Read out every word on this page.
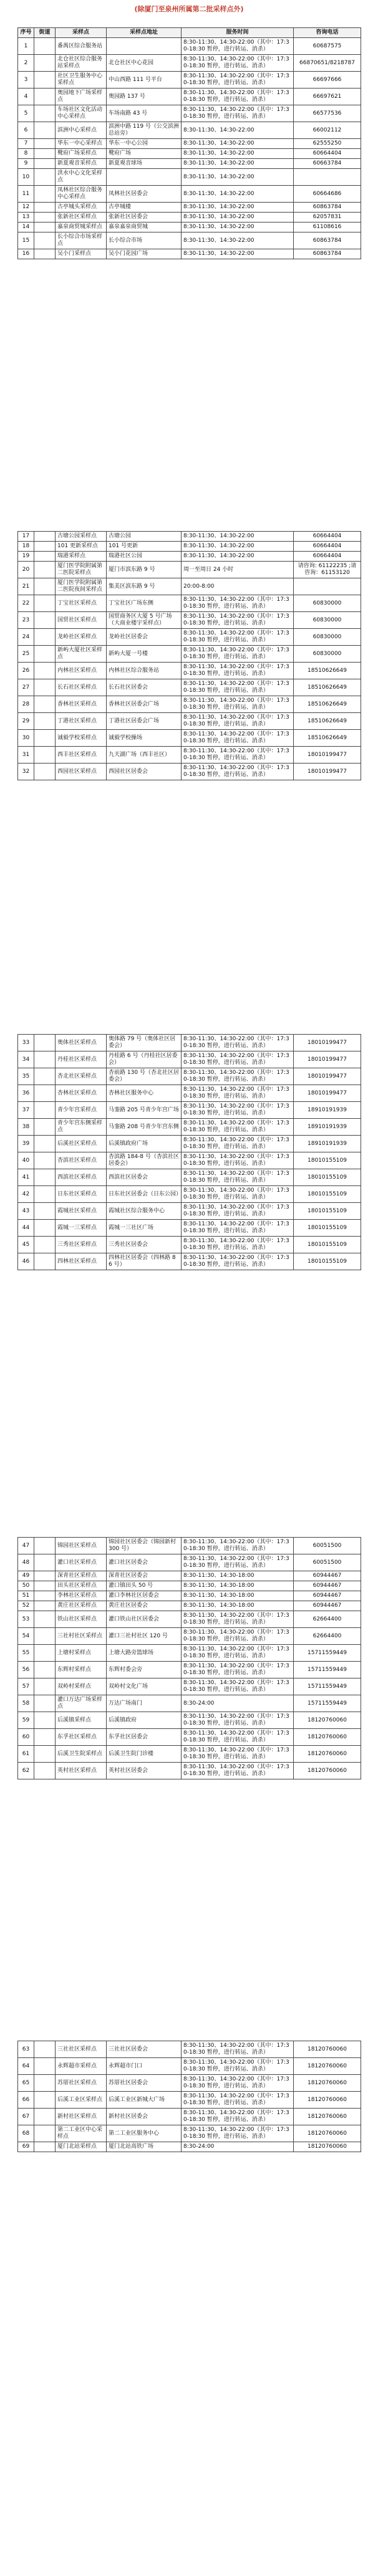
(除厦门至泉州所属第二批采样点外)
序号	街道	采样点	采样点地址	服务时间	咨询电话
1		番禺区综合服务站		8:30-11:30、14:30-22:00（其中：17:30-18:30 暂停，进行转运、消杀）	60687575
2		北仓社区综合服务站采样点	北仓社区中心花园	8:30-11:30、14:30-22:00（其中：17:30-18:30 暂停，进行转运、消杀）	66870651/8218787
3		社区卫生服务中心采样点	中山西路 111 号平台	8:30-11:30、14:30-22:00（其中：17:30-18:30 暂停，进行转运、消杀）	66697666
4		奥园地下广场采样点	奥园路 137 号	8:30-11:30、14:30-22:00（其中：17:30-18:30 暂停，进行转运、消杀）	66697621
5		车场社区文化活动中心采样点	车场南路 43 号	8:30-11:30、14:30-22:00（其中：17:30-18:30 暂停，进行转运、消杀）	66577536
6		滨洲中心采样点	滨洲中路 119 号（公交滨洲总站旁）	8:30-11:30、14:30-22:00	66002112
7		华东一中心采样点	华东一中心公园	8:30-11:30、14:30-22:00	62555250
8		鹭府广场采样点	鹭府广场	8:30-11:30、14:30-22:00	60664404
9		新夏观音采样点	新夏观音球场	8:30-11:30、14:30-22:00	60663784
10		洪水中心文化采样点		8:30-11:30、14:30-22:00	
11		凤林社区综合服务中心采样点	凤林社区居委会	8:30-11:30、14:30-22:00	60664686
12		古亭城头采样点	古亭城楼	8:30-11:30、14:30-22:00	60863784
13		张新社区采样点	张新社区居委会	8:30-11:30、14:30-22:00	62057831
14		嘉泉商贸城采样点	嘉泉嘉泉商贸城	8:30-11:30、14:30-22:00	61108616
15		长小综合市场采样点	长小综合市场	8:30-11:30、14:30-22:00	60863784
16		吴小门采样点	吴小门花园广场	8:30-11:30、14:30-22:00	60863784
17		古塘公园采样点	古塘公园	8:30-11:30、14:30-22:00	60664404
18		101 更新采样点	101 号更新	8:30-11:30、14:30-22:00	60664404
19		瑞港采样点	瑞港社区公园	8:30-11:30、14:30-22:00	60664404
20		厦门医学院附属第二医院采样点	厦门市滨东路 9 号	周一至周日 24 小时	请咨询: 61122235 ;请咨询：61153120
21		厦门医学院附属第二医院夜间采样点	集美区滨东路 9 号	20:00-8:00	
22		丁宝社区采样点	丁宝社区广场东侧	8:30-11:30、14:30-22:00（其中：17:30-18:30 暂停，进行转运、消杀）	60830000
23		国贸社区采样点	国贸商务区大厦 5 号广场（大商业楼宇采样点）	8:30-11:30、14:30-22:00（其中：17:30-18:30 暂停，进行转运、消杀）	60830000
24		龙岭社区采样点	龙岭社区居委会	8:30-11:30、14:30-22:00（其中：17:30-18:30 暂停，进行转运、消杀）	60830000
25		新屿大厦社区采样点	新屿大厦一号楼	8:30-11:30、14:30-22:00（其中：17:30-18:30 暂停，进行转运、消杀）	60830000
26		内林社区采样点	内林社区综合服务站	8:30-11:30、14:30-22:00（其中：17:30-18:30 暂停，进行转运、消杀）	18510626649
27		长石社区采样点	长石社区居委会	8:30-11:30、14:30-22:00（其中：17:30-18:30 暂停，进行转运、消杀）	18510626649
28		香林社区采样点	香林社区居委会广场	8:30-11:30、14:30-22:00（其中：17:30-18:30 暂停，进行转运、消杀）	18510626649
29		丁港社区采样点	丁港社区居委会广场	8:30-11:30、14:30-22:00（其中：17:30-18:30 暂停，进行转运、消杀）	18510626649
30		诚毅学校采样点	诚毅学校操场	8:30-11:30、14:30-22:00（其中：17:30-18:30 暂停，进行转运、消杀）	18510626649
31		西丰社区采样点	九天湖广场（西丰社区）	8:30-11:30、14:30-22:00（其中：17:30-18:30 暂停，进行转运、消杀）	18010199477
32		西园社区采样点	西园社区居委会	8:30-11:30、14:30-22:00（其中：17:30-18:30 暂停，进行转运、消杀）	18010199477
33		奥体社区采样点	奥体路 79 号（奥体社区居委会）	8:30-11:30、14:30-22:00（其中：17:30-18:30 暂停，进行转运、消杀）	18010199477
34		丹桂社区采样点	丹桂路 6 号（丹桂社区居委会）	8:30-11:30、14:30-22:00（其中：17:30-18:30 暂停，进行转运、消杀）	18010199477
35		杏北社区采样点	杏前路 130 号（杏北社区居委会）	8:30-11:30、14:30-22:00（其中：17:30-18:30 暂停，进行转运、消杀）	18010199477
36		杏林社区采样点	杏林社区服务中心	8:30-11:30、14:30-22:00（其中：17:30-18:30 暂停，进行转运、消杀）	18010199477
37		青少年宫采样点	马銮路 205 号青少年宫广场	8:30-11:30、14:30-22:00（其中：17:30-18:30 暂停，进行转运、消杀）	18910191939
38		青少年宫东侧采样点	马銮路 208 号青少年宫东侧	8:30-11:30、14:30-22:00（其中：17:30-18:30 暂停，进行转运、消杀）	18910191939
39		后溪社区采样点	后溪镇政府广场	8:30-11:30、14:30-22:00（其中：17:30-18:30 暂停，进行转运、消杀）	18910191939
40		杏滨社区采样点	杏滨路 184-8 号（杏滨社区居委会）	8:30-11:30、14:30-22:00（其中：17:30-18:30 暂停，进行转运、消杀）	18010155109
41		西滨社区采样点	西滨社区居委会	8:30-11:30、14:30-22:00（其中：17:30-18:30 暂停，进行转运、消杀）	18010155109
42		日东社区采样点	日东社区居委会（日东公园）	8:30-11:30、14:30-22:00（其中：17:30-18:30 暂停，进行转运、消杀）	18010155109
43		霞城社区采样点	霞城社区综合服务中心	8:30-11:30、14:30-22:00（其中：17:30-18:30 暂停，进行转运、消杀）	18010155109
44		霞城一三采样点	霞城一三社区广场	8:30-11:30、14:30-22:00（其中：17:30-18:30 暂停，进行转运、消杀）	18010155109
45		三秀社区采样点	三秀社区居委会	8:30-11:30、14:30-22:00（其中：17:30-18:30 暂停，进行转运、消杀）	18010155109
46		四林社区采样点	四林社区居委会（四林路 86 号）	8:30-11:30、14:30-22:00（其中：17:30-18:30 暂停，进行转运、消杀）	18010155109
47		锦园社区采样点	锦园社区居委会（锦园新村 300 号）	8:30-11:30、14:30-22:00（其中：17:30-18:30 暂停，进行转运、消杀）	60051500
48		灌口社区采样点	灌口社区居委会	8:30-11:30、14:30-22:00（其中：17:30-18:30 暂停，进行转运、消杀）	60051500
49		深青社区采样点	深青社区居委会	8:30-11:30、14:30-18:00	60944467
50		田头社区采样点	灌口镇田头 50 号	8:30-11:30、14:30-18:00	60944467
51		李林社区采样点	灌口李林社区居委会	8:30-11:30、14:30-18:00	60944467
52		黄庄社区采样点	黄庄社区居委会	8:30-11:30、14:30-18:00	60944467
53		铁山社区采样点	灌口铁山社区居委会	8:30-11:30、14:30-22:00（其中：17:30-18:30 暂停，进行转运、消杀）	62664400
54		三社村社区采样点	灌口三社村社区 120 号	8:30-11:30、14:30-22:00（其中：17:30-18:30 暂停，进行转运、消杀）	62664400
55		上塘村采样点	上塘大路旁篮球场	8:30-11:30、14:30-22:00（其中：17:30-18:30 暂停，进行转运、消杀）	15711559449
56		东辉村采样点	东辉村委会旁	8:30-11:30、14:30-22:00（其中：17:30-18:30 暂停，进行转运、消杀）	15711559449
57		双岭村采样点	双岭村文化广场	8:30-11:30、14:30-22:00（其中：17:30-18:30 暂停，进行转运、消杀）	15711559449
58		灌口万达广场采样点	万达广场南门	8:30-24:00	15711559449
59		后溪镇采样点	后溪镇政府	8:30-11:30、14:30-22:00（其中：17:30-18:30 暂停，进行转运、消杀）	18120760060
60		东孚社区采样点	东孚社区居委会	8:30-11:30、14:30-22:00（其中：17:30-18:30 暂停，进行转运、消杀）	18120760060
61		后溪卫生院采样点	后溪卫生院门诊楼	8:30-11:30、14:30-22:00（其中：17:30-18:30 暂停，进行转运、消杀）	18120760060
62		英村社区采样点	英村社区居委会	8:30-11:30、14:30-22:00（其中：17:30-18:30 暂停，进行转运、消杀）	18120760060
63		三社社区采样点	三社社区居委会	8:30-11:30、14:30-22:00（其中：17:30-18:30 暂停，进行转运、消杀）	18120760060
64		永辉超市采样点	永辉超市门口	8:30-11:30、14:30-22:00（其中：17:30-18:30 暂停，进行转运、消杀）	18120760060
65		苏厝社区采样点	苏厝社区居委会	8:30-11:30、14:30-22:00（其中：17:30-18:30 暂停，进行转运、消杀）	18120760060
66		后溪工业区采样点	后溪工业区新城大广场	8:30-11:30、14:30-22:00（其中：17:30-18:30 暂停，进行转运、消杀）	18120760060
67		新村社区采样点	新村社区居委会	8:30-11:30、14:30-22:00（其中：17:30-18:30 暂停，进行转运、消杀）	18120760060
68		第二工业区中心采样点	第二工业区服务中心	8:30-11:30、14:30-22:00（其中：17:30-18:30 暂停，进行转运、消杀）	18120760060
69		厦门北站采样点	厦门北站高铁广场	8:30-24:00	18120760060
